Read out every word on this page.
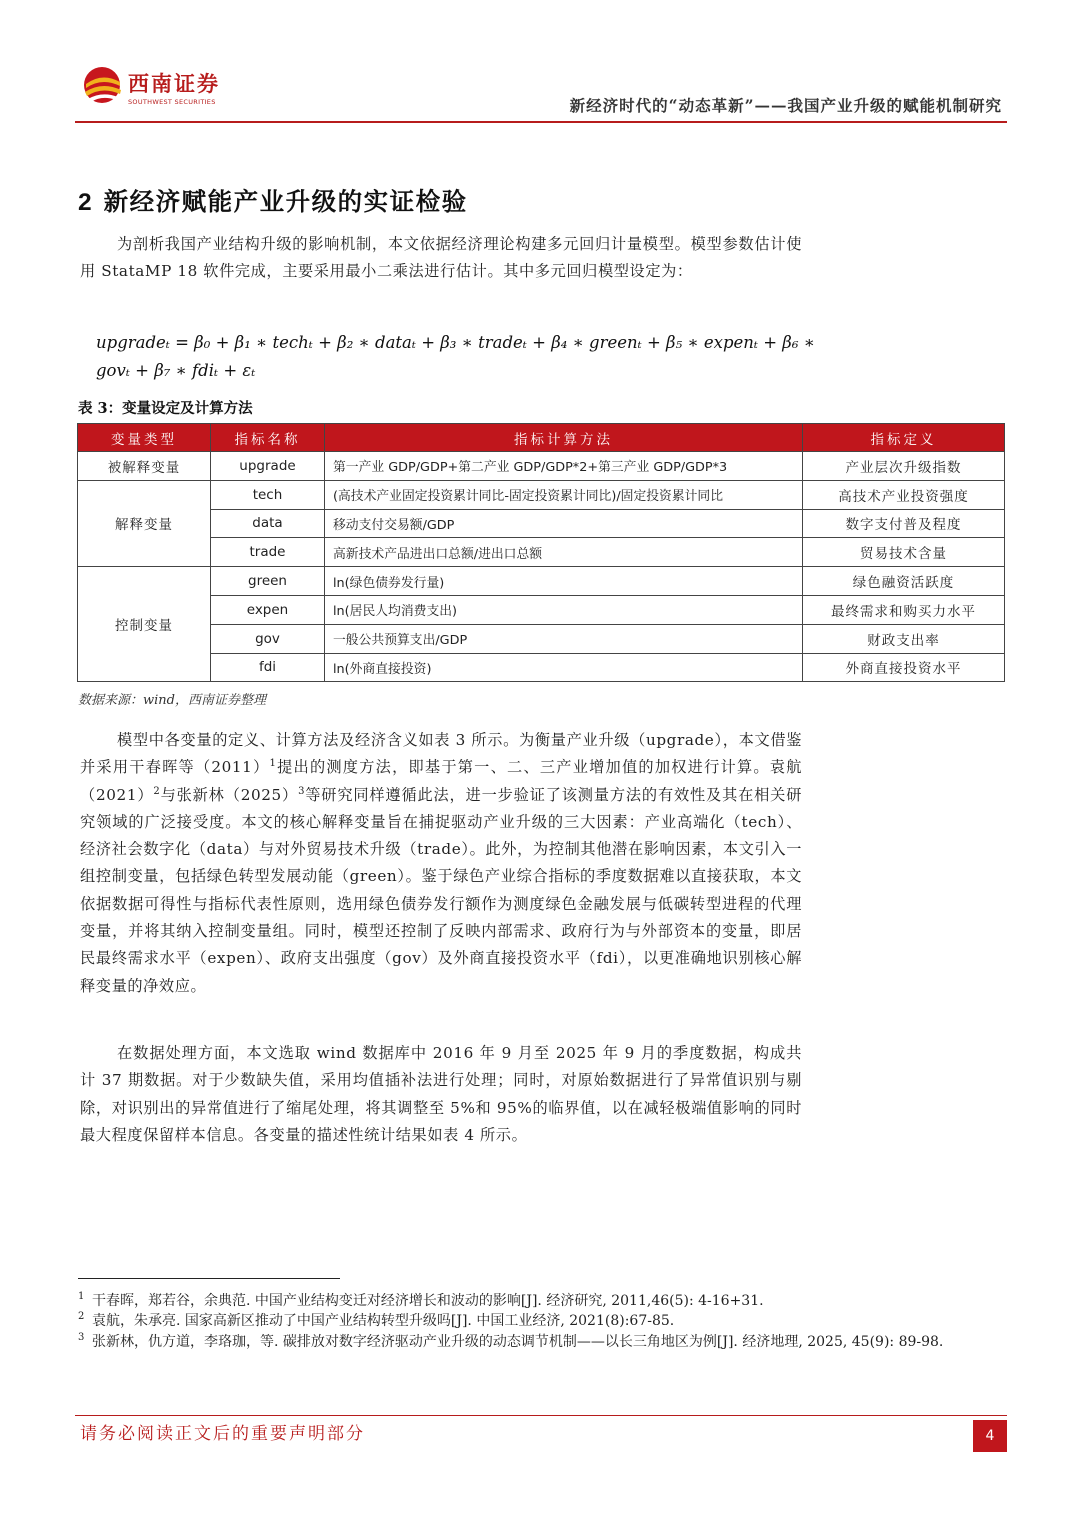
西南证券
SOUTHWEST SECURITIES	新经济时代的“动态革新”——我国产业升级的赋能机制研究
2 新经济赋能产业升级的实证检验
为剖析我国产业结构升级的影响机制，本文依据经济理论构建多元回归计量模型。模型参数估计使用 StataMP 18 软件完成，主要采用最小二乘法进行估计。其中多元回归模型设定为：
upgradeₜ = β₀ + β₁ ∗ techₜ + β₂ ∗ dataₜ + β₃ ∗ tradeₜ + β₄ ∗ greenₜ + β₅ ∗ expenₜ + β₆ ∗
govₜ + β₇ ∗ fdiₜ + εₜ
表 3：变量设定及计算方法
变量类型	指标名称	指标计算方法	指标定义
被解释变量	upgrade	第一产业 GDP/GDP+第二产业 GDP/GDP*2+第三产业 GDP/GDP*3	产业层次升级指数
解释变量	tech	(高技术产业固定投资累计同比-固定投资累计同比)/固定投资累计同比	高技术产业投资强度
	data	移动支付交易额/GDP	数字支付普及程度
	trade	高新技术产品进出口总额/进出口总额	贸易技术含量
控制变量	green	ln(绿色债券发行量)	绿色融资活跃度
	expen	ln(居民人均消费支出)	最终需求和购买力水平
	gov	一般公共预算支出/GDP	财政支出率
	fdi	ln(外商直接投资)	外商直接投资水平
数据来源：wind，西南证券整理
模型中各变量的定义、计算方法及经济含义如表 3 所示。为衡量产业升级（upgrade），本文借鉴并采用干春晖等$(2011)^1$提出的测度方法，即基于第一、二、三产业增加值的加权进行计算。袁航$(2021)^2$与张新林$(2025)^3$等研究同样遵循此法，进一步验证了该测量方法的有效性及其在相关研究领域的广泛接受度。本文的核心解释变量旨在捕捉驱动产业升级的三大因素：产业高端化（tech）、经济社会数字化（data）与对外贸易技术升级（trade）。此外，为控制其他潜在影响因素，本文引入一组控制变量，包括绿色转型发展动能（green）。鉴于绿色产业综合指标的季度数据难以直接获取，本文依据数据可得性与指标代表性原则，选用绿色债券发行额作为测度绿色金融发展与低碳转型进程的代理变量，并将其纳入控制变量组。同时，模型还控制了反映内部需求、政府行为与外部资本的变量，即居民最终需求水平（expen）、政府支出强度（gov）及外商直接投资水平（fdi），以更准确地识别核心解释变量的净效应。
在数据处理方面，本文选取 wind 数据库中 2016 年 9 月至 2025 年 9 月的季度数据，构成共计 37 期数据。对于少数缺失值，采用均值插补法进行处理；同时，对原始数据进行了异常值识别与剔除，对识别出的异常值进行了缩尾处理，将其调整至 5%和 95%的临界值，以在减轻极端值影响的同时最大程度保留样本信息。各变量的描述性统计结果如表 4 所示。
1 干春晖，郑若谷，余典范. 中国产业结构变迁对经济增长和波动的影响[J]. 经济研究, 2011,46(5): 4-16+31.
2 袁航，朱承亮. 国家高新区推动了中国产业结构转型升级吗[J]. 中国工业经济, 2021(8):67-85.
3 张新林，仇方道，李珞珈，等. 碳排放对数字经济驱动产业升级的动态调节机制——以长三角地区为例[J]. 经济地理, 2025, 45(9): 89-98.
请务必阅读正文后的重要声明部分	4
